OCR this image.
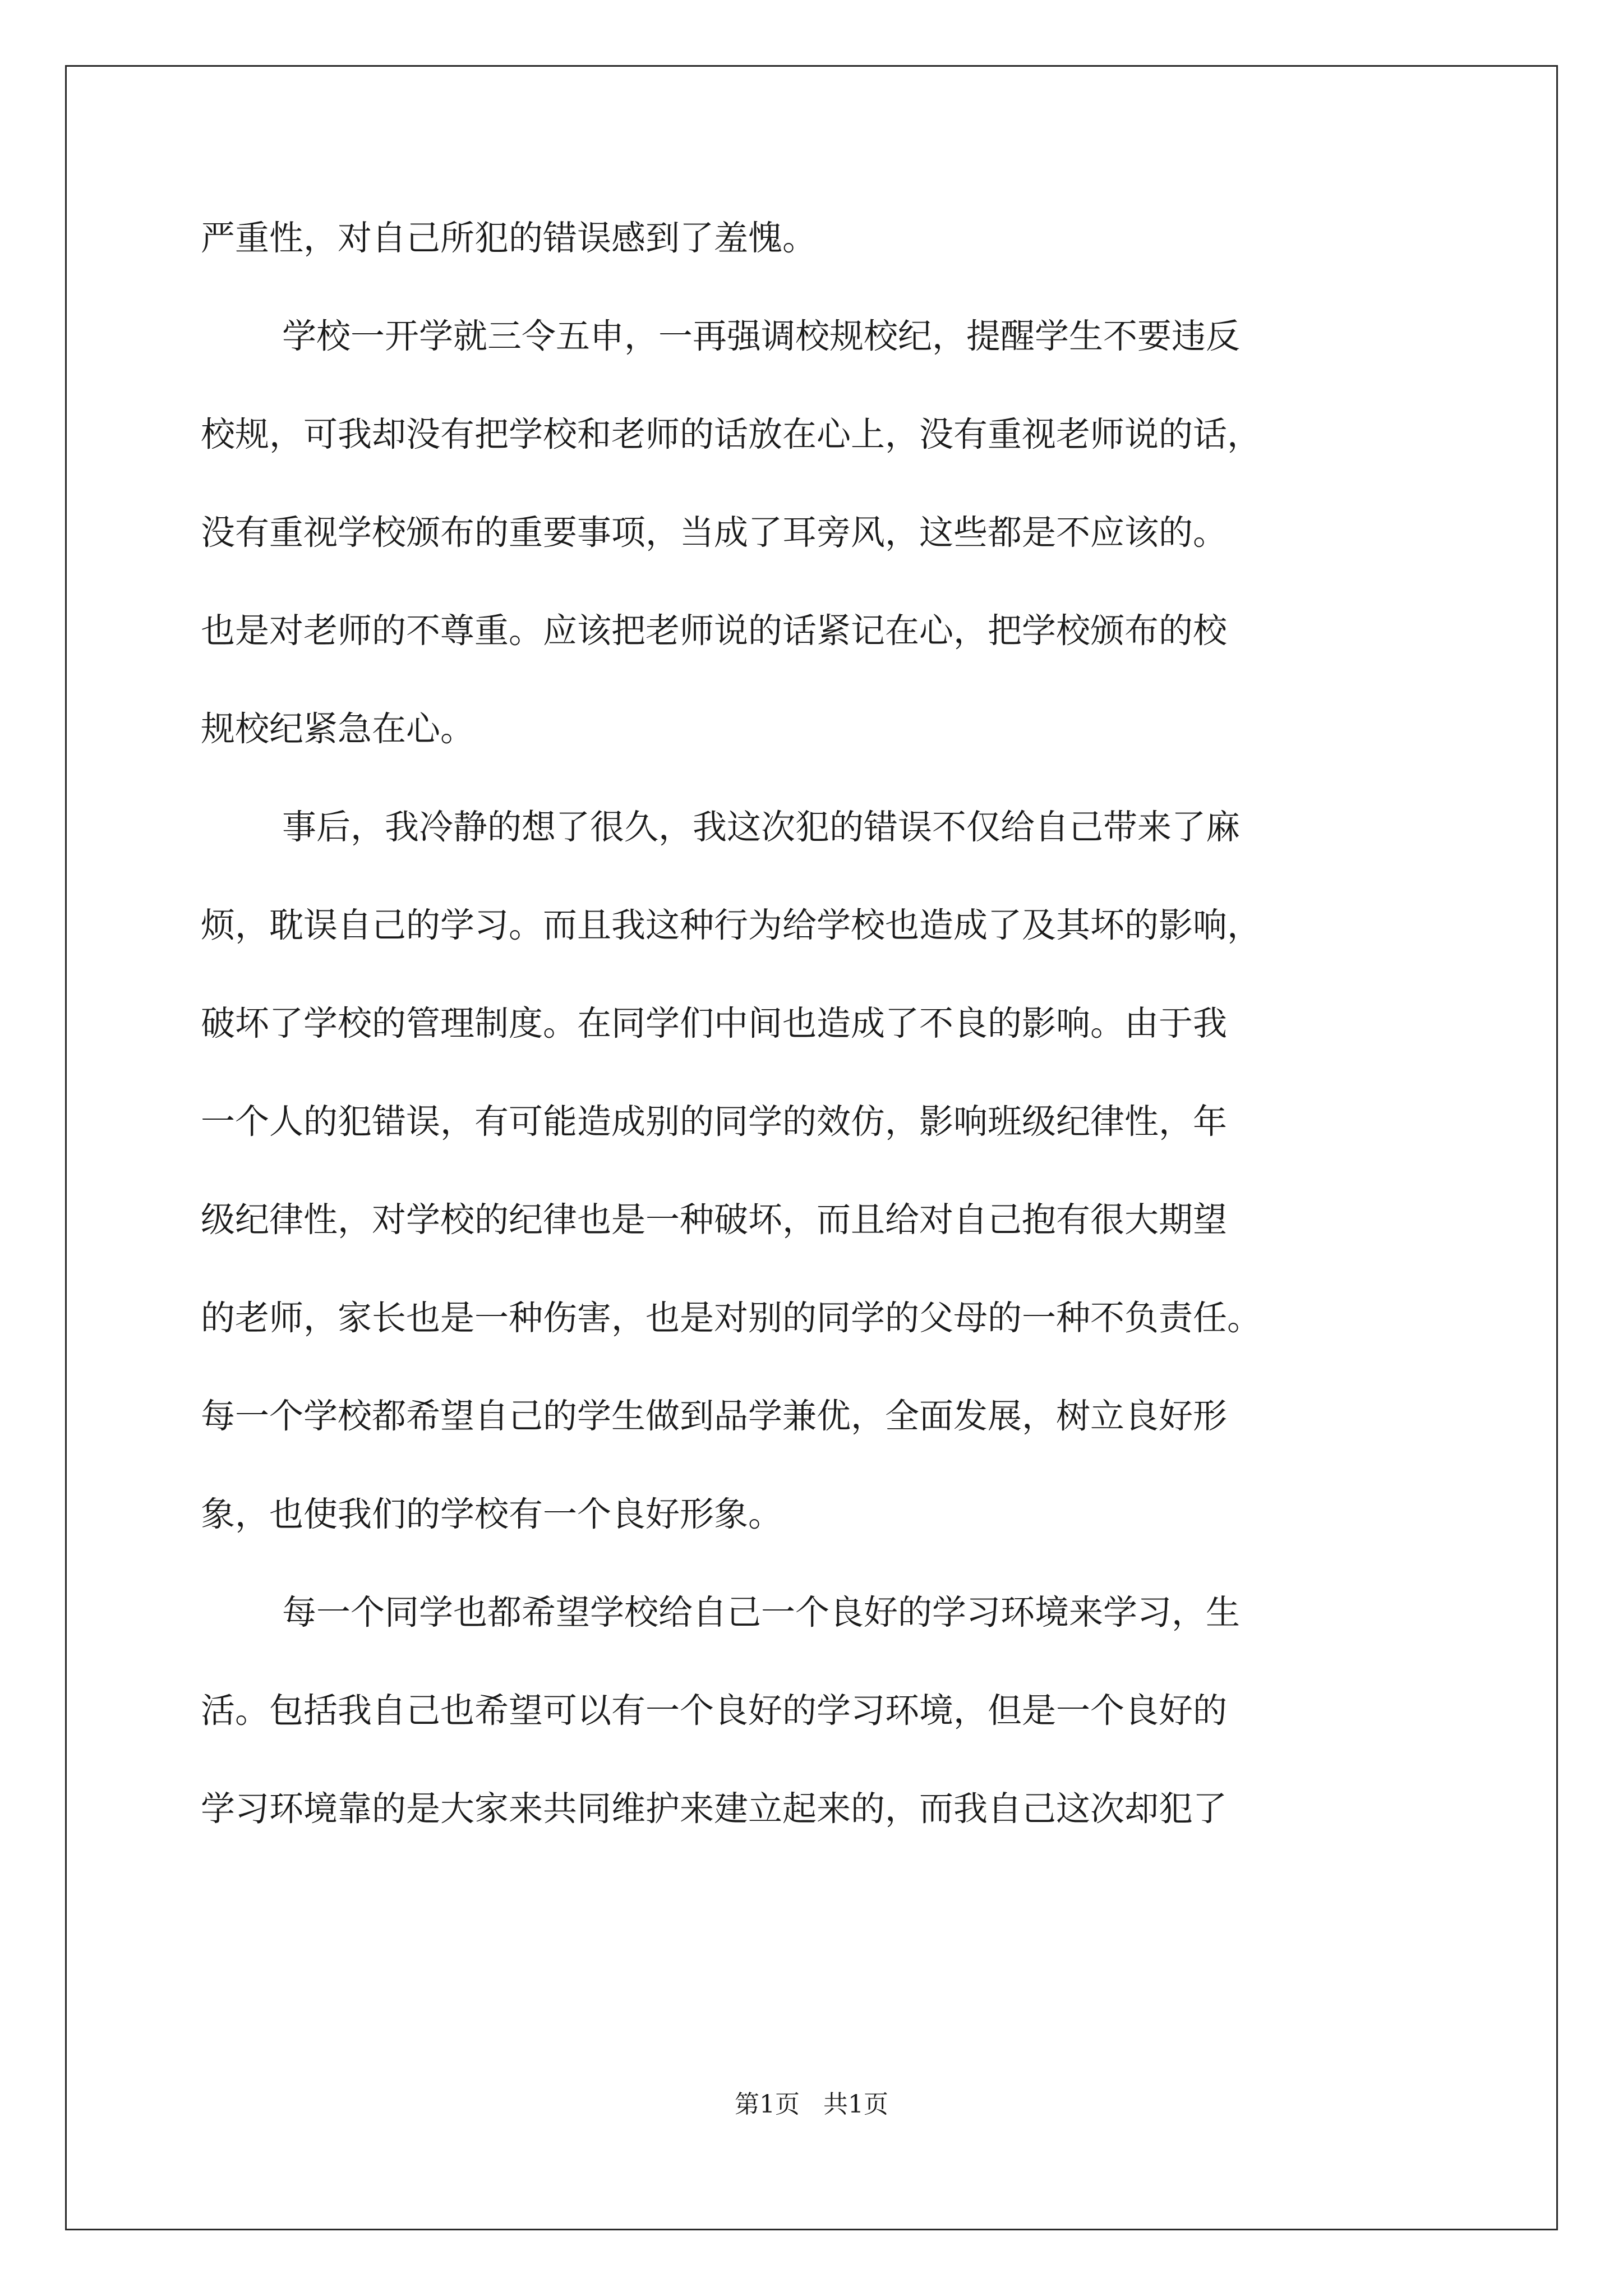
严重性，对自己所犯的错误感到了羞愧。
学校一开学就三令五申，一再强调校规校纪，提醒学生不要违反
校规，可我却没有把学校和老师的话放在心上，没有重视老师说的话，
没有重视学校颁布的重要事项，当成了耳旁风，这些都是不应该的。
也是对老师的不尊重。应该把老师说的话紧记在心，把学校颁布的校
规校纪紧急在心。
事后，我冷静的想了很久，我这次犯的错误不仅给自己带来了麻
烦，耽误自己的学习。而且我这种行为给学校也造成了及其坏的影响，
破坏了学校的管理制度。在同学们中间也造成了不良的影响。由于我
一个人的犯错误，有可能造成别的同学的效仿，影响班级纪律性，年
级纪律性，对学校的纪律也是一种破坏，而且给对自己抱有很大期望
的老师，家长也是一种伤害，也是对别的同学的父母的一种不负责任。
每一个学校都希望自己的学生做到品学兼优，全面发展，树立良好形
象，也使我们的学校有一个良好形象。
每一个同学也都希望学校给自己一个良好的学习环境来学习，生
活。包括我自己也希望可以有一个良好的学习环境，但是一个良好的
学习环境靠的是大家来共同维护来建立起来的，而我自己这次却犯了
第1页 共1页
